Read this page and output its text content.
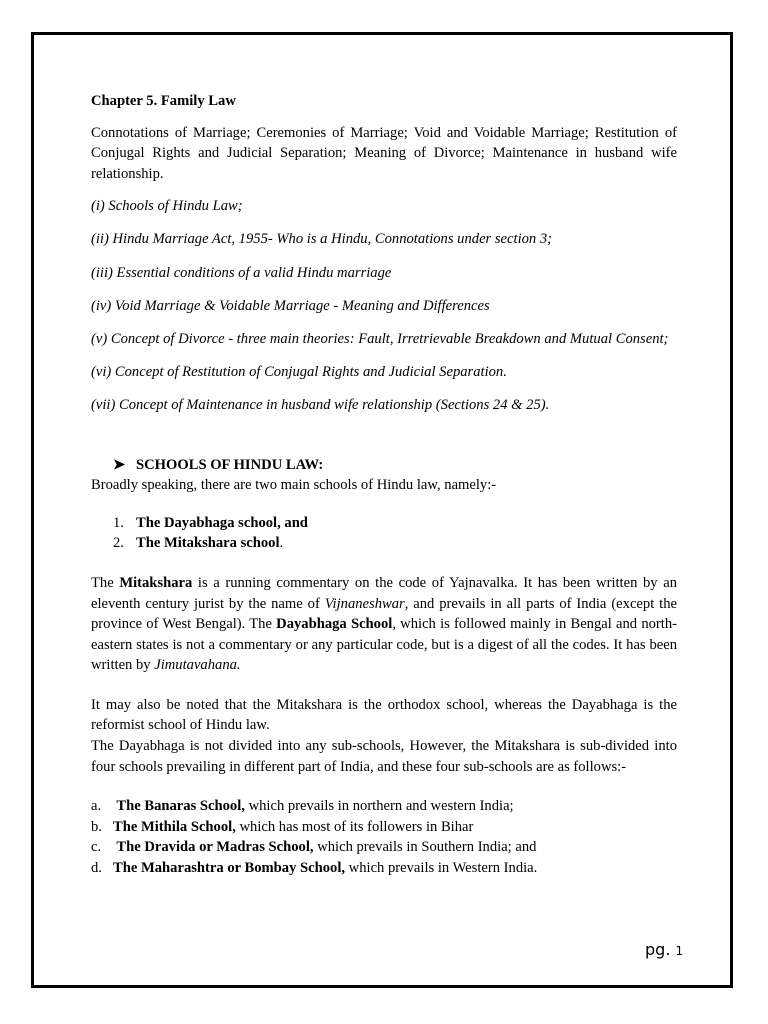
Chapter 5. Family Law

Connotations of Marriage; Ceremonies of Marriage; Void and Voidable Marriage; Restitution of Conjugal Rights and Judicial Separation; Meaning of Divorce; Maintenance in husband wife relationship.

(i) Schools of Hindu Law;

(ii) Hindu Marriage Act, 1955- Who is a Hindu, Connotations under section 3;

(iii) Essential conditions of a valid Hindu marriage

(iv) Void Marriage & Voidable Marriage - Meaning and Differences

(v) Concept of Divorce - three main theories: Fault, Irretrievable Breakdown and Mutual Consent;

(vi) Concept of Restitution of Conjugal Rights and Judicial Separation.

(vii) Concept of Maintenance in husband wife relationship (Sections 24 & 25).

➤ SCHOOLS OF HINDU LAW:

Broadly speaking, there are two main schools of Hindu law, namely:-

1. The Dayabhaga school, and
2. The Mitakshara school.

The Mitakshara is a running commentary on the code of Yajnavalka. It has been written by an eleventh century jurist by the name of Vijnaneshwar, and prevails in all parts of India (except the province of West Bengal). The Dayabhaga School, which is followed mainly in Bengal and north-eastern states is not a commentary or any particular code, but is a digest of all the codes. It has been written by Jimutavahana.

It may also be noted that the Mitakshara is the orthodox school, whereas the Dayabhaga is the reformist school of Hindu law.

The Dayabhaga is not divided into any sub-schools, However, the Mitakshara is sub-divided into four schools prevailing in different part of India, and these four sub-schools are as follows:-

a. The Banaras School, which prevails in northern and western India;
b. The Mithila School, which has most of its followers in Bihar
c. The Dravida or Madras School, which prevails in Southern India; and
d. The Maharashtra or Bombay School, which prevails in Western India.
pg. 1
